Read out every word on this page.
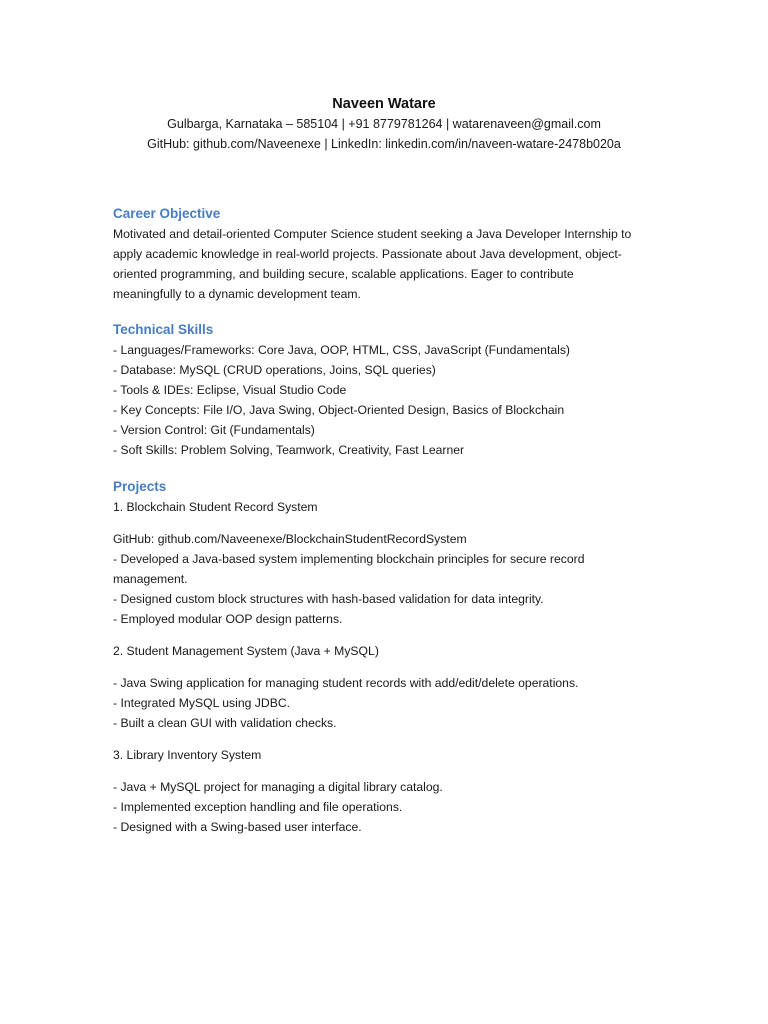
Naveen Watare
Gulbarga, Karnataka – 585104 | +91 8779781264 | watarenaveen@gmail.com
GitHub: github.com/Naveenexe | LinkedIn: linkedin.com/in/naveen-watare-2478b020a
Career Objective
Motivated and detail-oriented Computer Science student seeking a Java Developer Internship to
apply academic knowledge in real-world projects. Passionate about Java development, object-
oriented programming, and building secure, scalable applications. Eager to contribute
meaningfully to a dynamic development team.
Technical Skills
- Languages/Frameworks: Core Java, OOP, HTML, CSS, JavaScript (Fundamentals)
- Database: MySQL (CRUD operations, Joins, SQL queries)
- Tools & IDEs: Eclipse, Visual Studio Code
- Key Concepts: File I/O, Java Swing, Object-Oriented Design, Basics of Blockchain
- Version Control: Git (Fundamentals)
- Soft Skills: Problem Solving, Teamwork, Creativity, Fast Learner
Projects
1. Blockchain Student Record System
GitHub: github.com/Naveenexe/BlockchainStudentRecordSystem
- Developed a Java-based system implementing blockchain principles for secure record
management.
- Designed custom block structures with hash-based validation for data integrity.
- Employed modular OOP design patterns.
2. Student Management System (Java + MySQL)
- Java Swing application for managing student records with add/edit/delete operations.
- Integrated MySQL using JDBC.
- Built a clean GUI with validation checks.
3. Library Inventory System
- Java + MySQL project for managing a digital library catalog.
- Implemented exception handling and file operations.
- Designed with a Swing-based user interface.
